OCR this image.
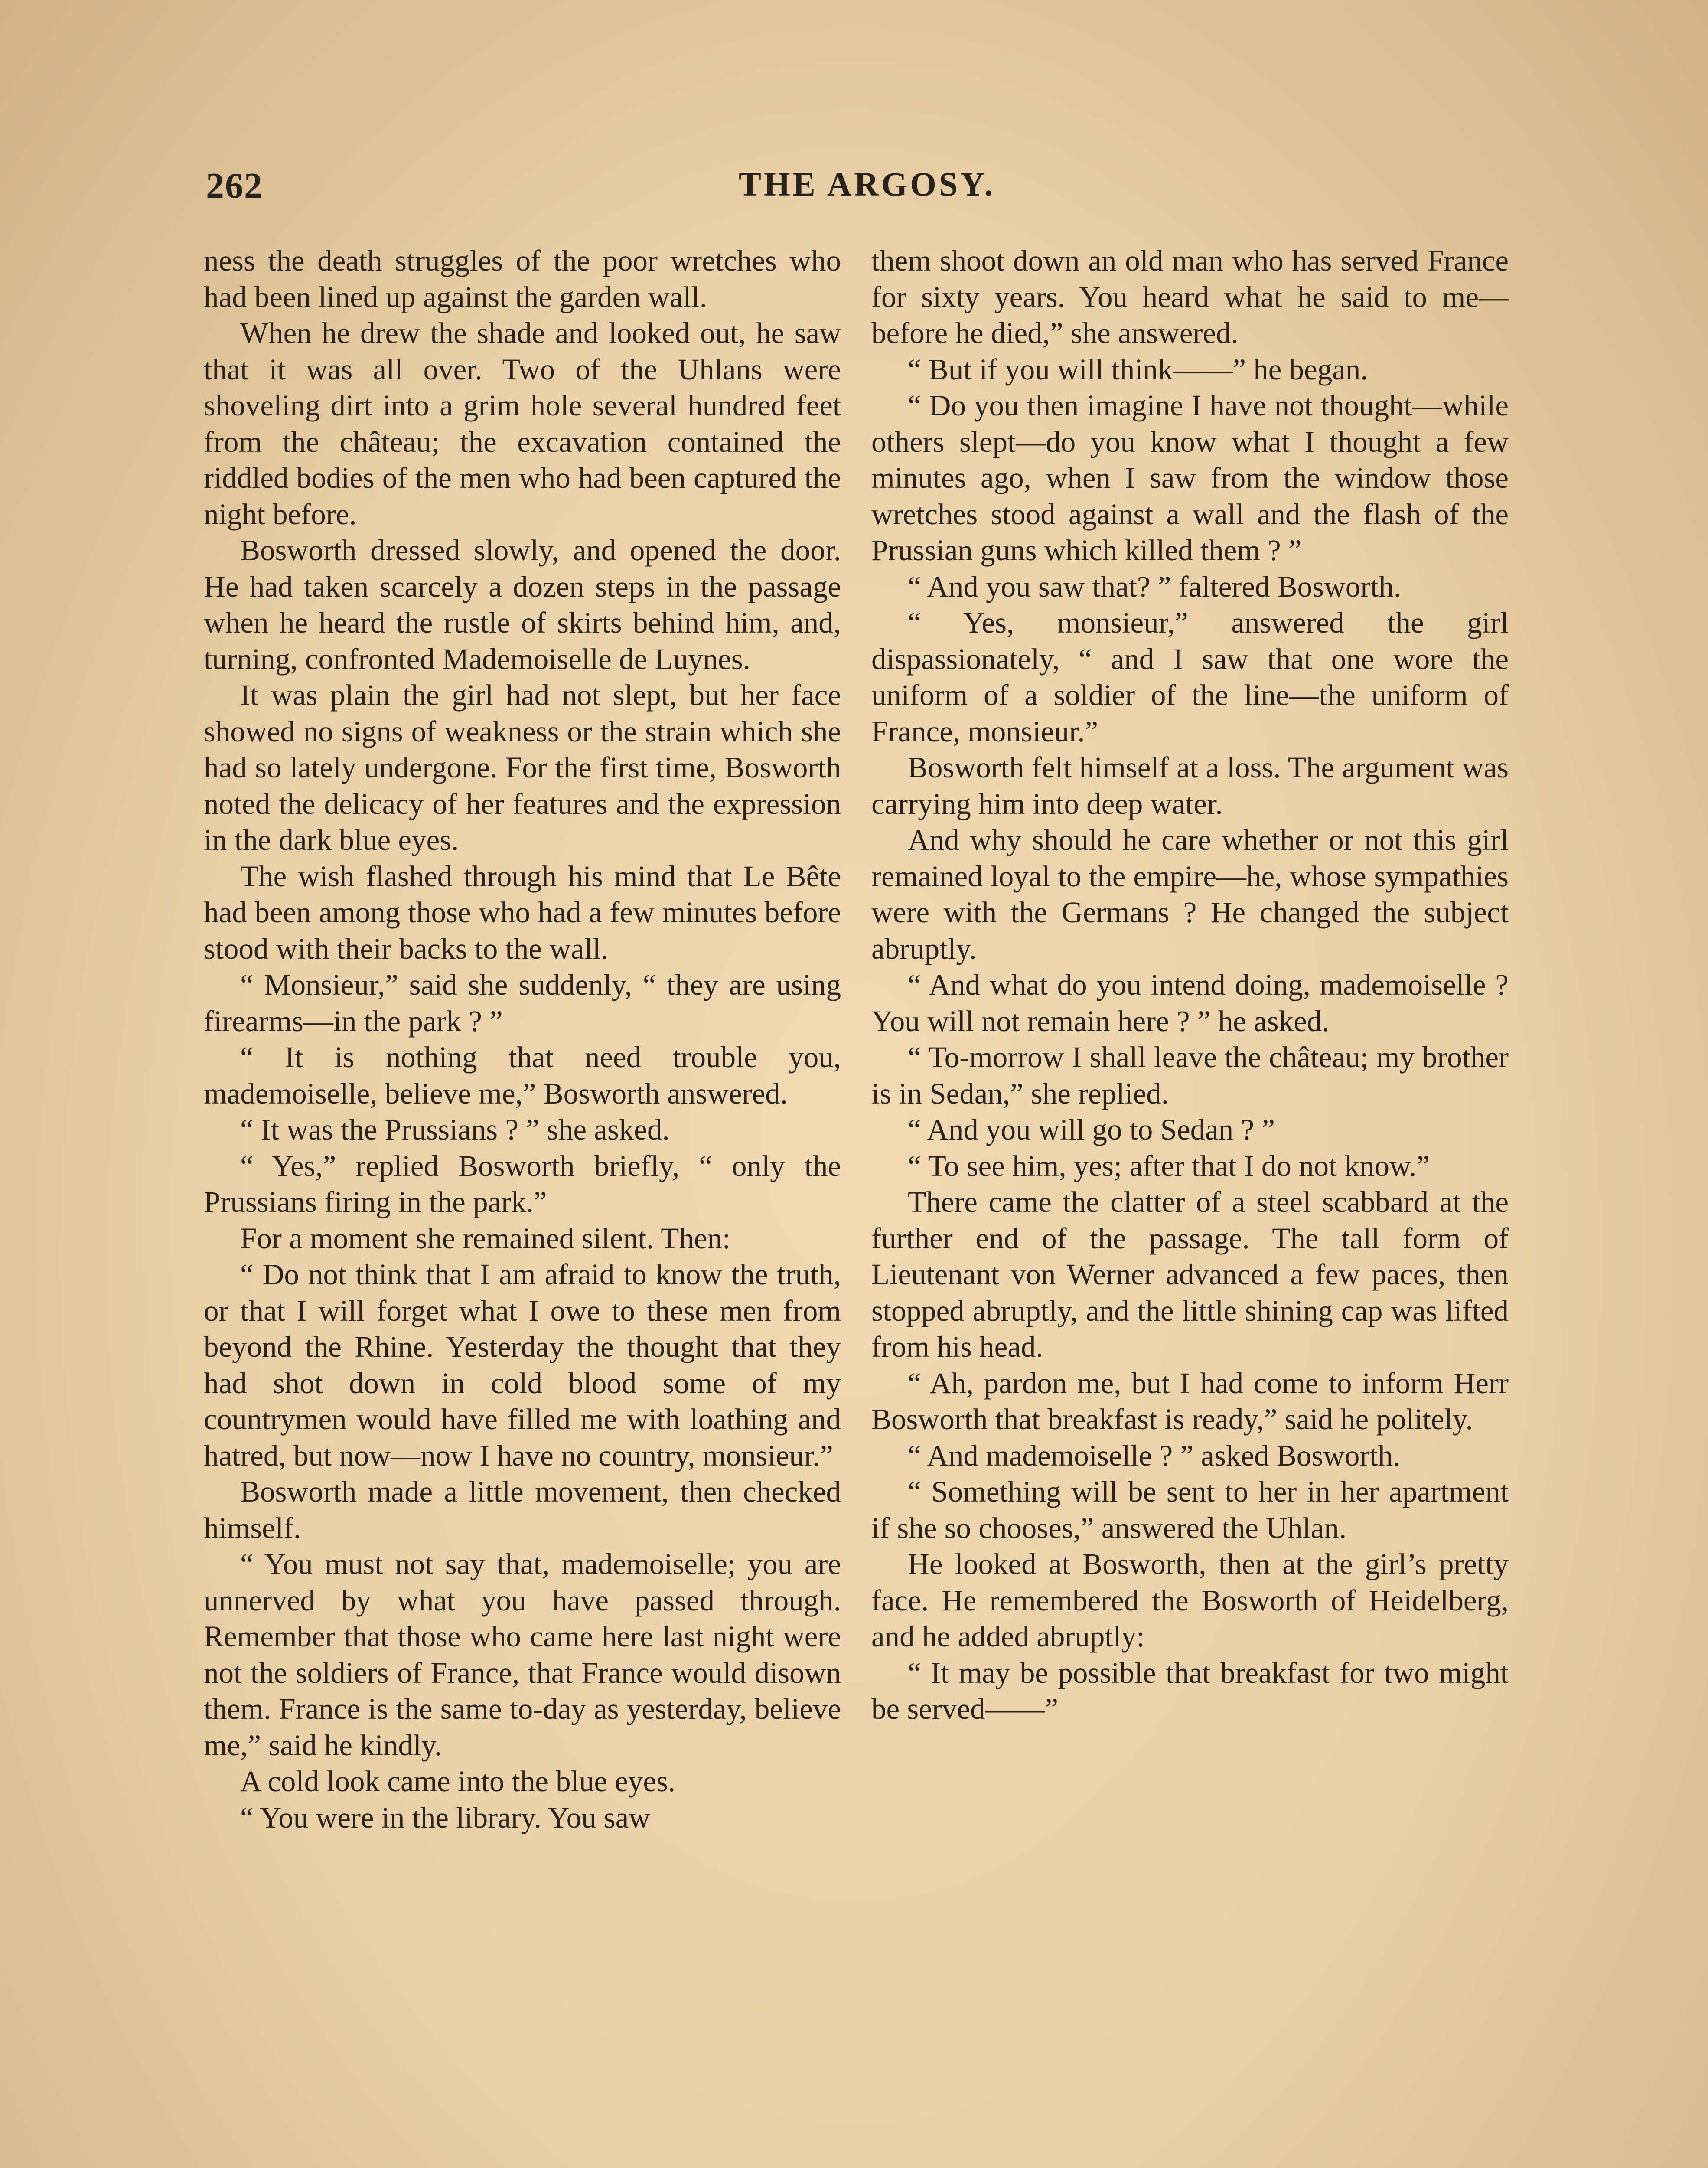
262	THE ARGOSY.

ness the death struggles of the poor wretches who had been lined up against the garden wall.

When he drew the shade and looked out, he saw that it was all over. Two of the Uhlans were shoveling dirt into a grim hole several hundred feet from the château; the excavation contained the riddled bodies of the men who had been captured the night before.

Bosworth dressed slowly, and opened the door. He had taken scarcely a dozen steps in the passage when he heard the rustle of skirts behind him, and, turning, confronted Mademoiselle de Luynes.

It was plain the girl had not slept, but her face showed no signs of weakness or the strain which she had so lately undergone. For the first time, Bosworth noted the delicacy of her features and the expression in the dark blue eyes.

The wish flashed through his mind that Le Bête had been among those who had a few minutes before stood with their backs to the wall.

“ Monsieur,” said she suddenly, “ they are using firearms—in the park ? ”

“ It is nothing that need trouble you, mademoiselle, believe me,” Bosworth answered.

“ It was the Prussians ? ” she asked.

“ Yes,” replied Bosworth briefly, “ only the Prussians firing in the park.”

For a moment she remained silent. Then:

“ Do not think that I am afraid to know the truth, or that I will forget what I owe to these men from beyond the Rhine. Yesterday the thought that they had shot down in cold blood some of my countrymen would have filled me with loathing and hatred, but now—now I have no country, monsieur.”

Bosworth made a little movement, then checked himself.

“ You must not say that, mademoiselle; you are unnerved by what you have passed through. Remember that those who came here last night were not the soldiers of France, that France would disown them. France is the same to-day as yesterday, believe me,” said he kindly.

A cold look came into the blue eyes.

“ You were in the library. You saw

them shoot down an old man who has served France for sixty years. You heard what he said to me—before he died,” she answered.

“ But if you will think——” he began.

“ Do you then imagine I have not thought—while others slept—do you know what I thought a few minutes ago, when I saw from the window those wretches stood against a wall and the flash of the Prussian guns which killed them ? ”

“ And you saw that? ” faltered Bosworth.

“ Yes, monsieur,” answered the girl dispassionately, “ and I saw that one wore the uniform of a soldier of the line—the uniform of France, monsieur.”

Bosworth felt himself at a loss. The argument was carrying him into deep water.

And why should he care whether or not this girl remained loyal to the empire—he, whose sympathies were with the Germans ? He changed the subject abruptly.

“ And what do you intend doing, mademoiselle ? You will not remain here ? ” he asked.

“ To-morrow I shall leave the château; my brother is in Sedan,” she replied.

“ And you will go to Sedan ? ”

“ To see him, yes; after that I do not know.”

There came the clatter of a steel scabbard at the further end of the passage. The tall form of Lieutenant von Werner advanced a few paces, then stopped abruptly, and the little shining cap was lifted from his head.

“ Ah, pardon me, but I had come to inform Herr Bosworth that breakfast is ready,” said he politely.

“ And mademoiselle ? ” asked Bosworth.

“ Something will be sent to her in her apartment if she so chooses,” answered the Uhlan.

He looked at Bosworth, then at the girl’s pretty face. He remembered the Bosworth of Heidelberg, and he added abruptly:

“ It may be possible that breakfast for two might be served——”
